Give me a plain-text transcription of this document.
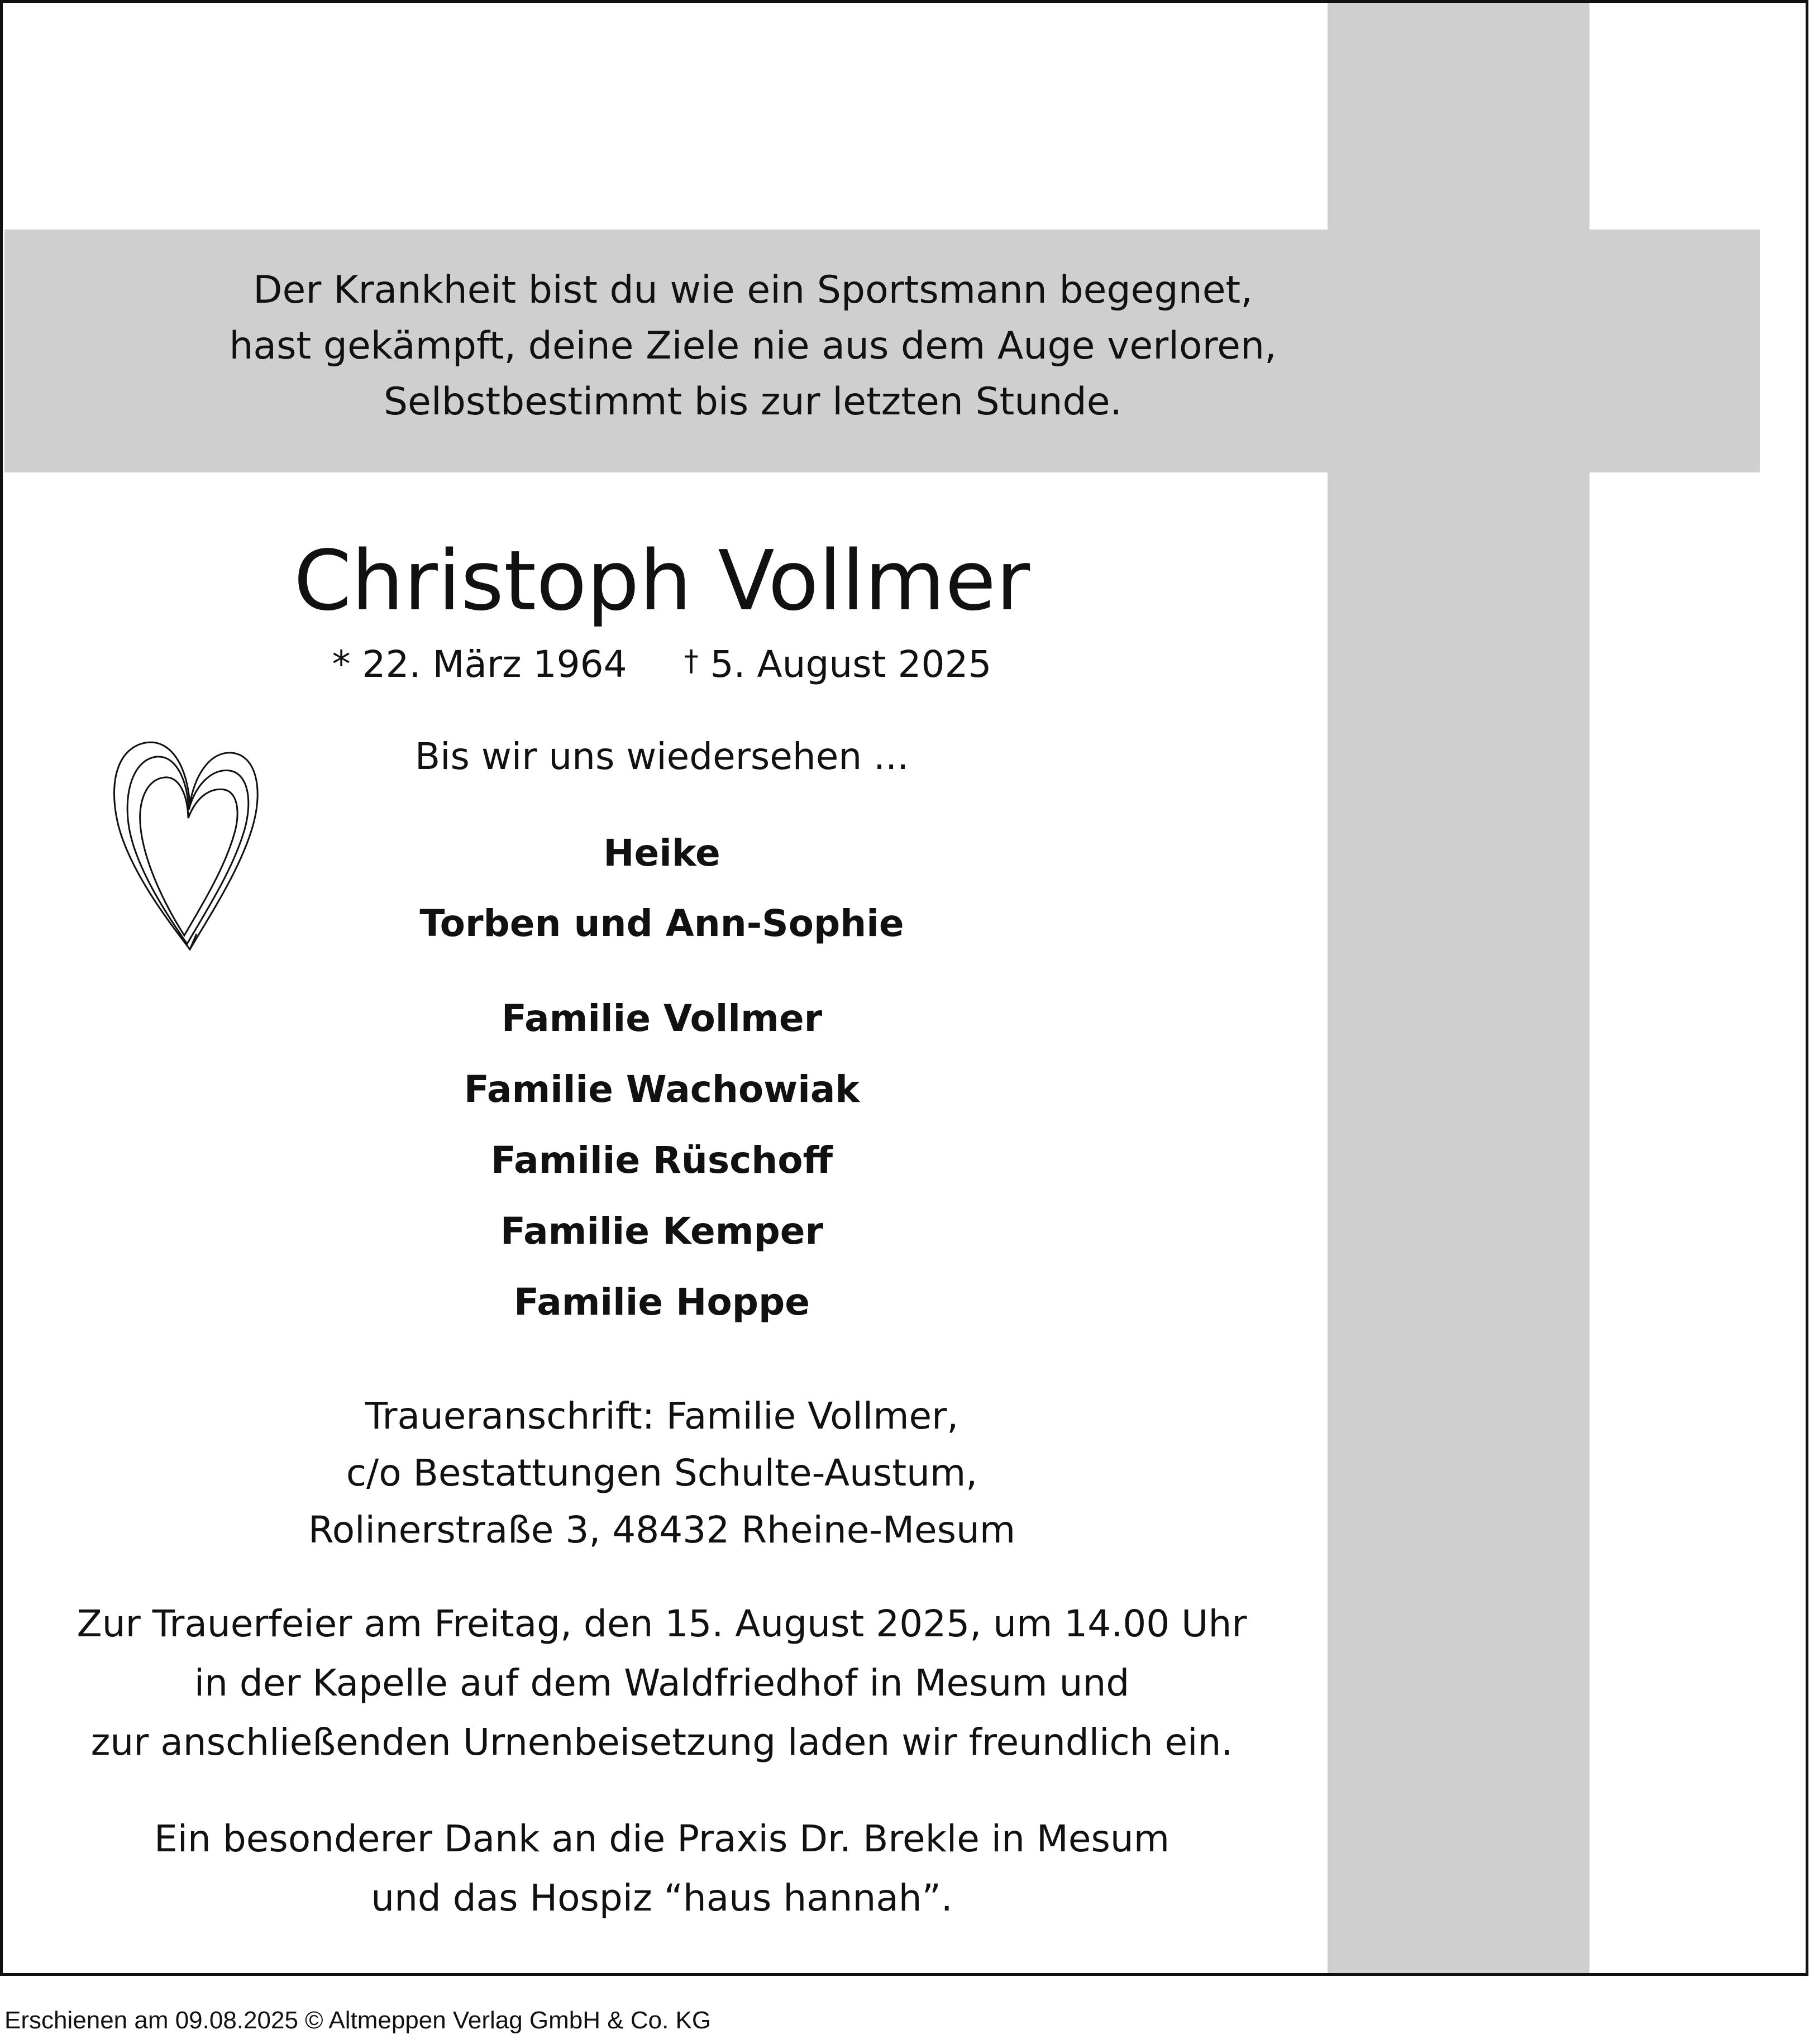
Der Krankheit bist du wie ein Sportsmann begegnet,
hast gekämpft, deine Ziele nie aus dem Auge verloren,
Selbstbestimmt bis zur letzten Stunde.
Christoph Vollmer
* 22. März 1964 † 5. August 2025
Bis wir uns wiedersehen ...
Heike
Torben und Ann-Sophie
Familie Vollmer
Familie Wachowiak
Familie Rüschoff
Familie Kemper
Familie Hoppe
Traueranschrift: Familie Vollmer,
c/o Bestattungen Schulte-Austum,
Rolinerstraße 3, 48432 Rheine-Mesum
Zur Trauerfeier am Freitag, den 15. August 2025, um 14.00 Uhr
in der Kapelle auf dem Waldfriedhof in Mesum und
zur anschließenden Urnenbeisetzung laden wir freundlich ein.
Ein besonderer Dank an die Praxis Dr. Brekle in Mesum
und das Hospiz “haus hannah”.
Erschienen am 09.08.2025 © Altmeppen Verlag GmbH & Co. KG
